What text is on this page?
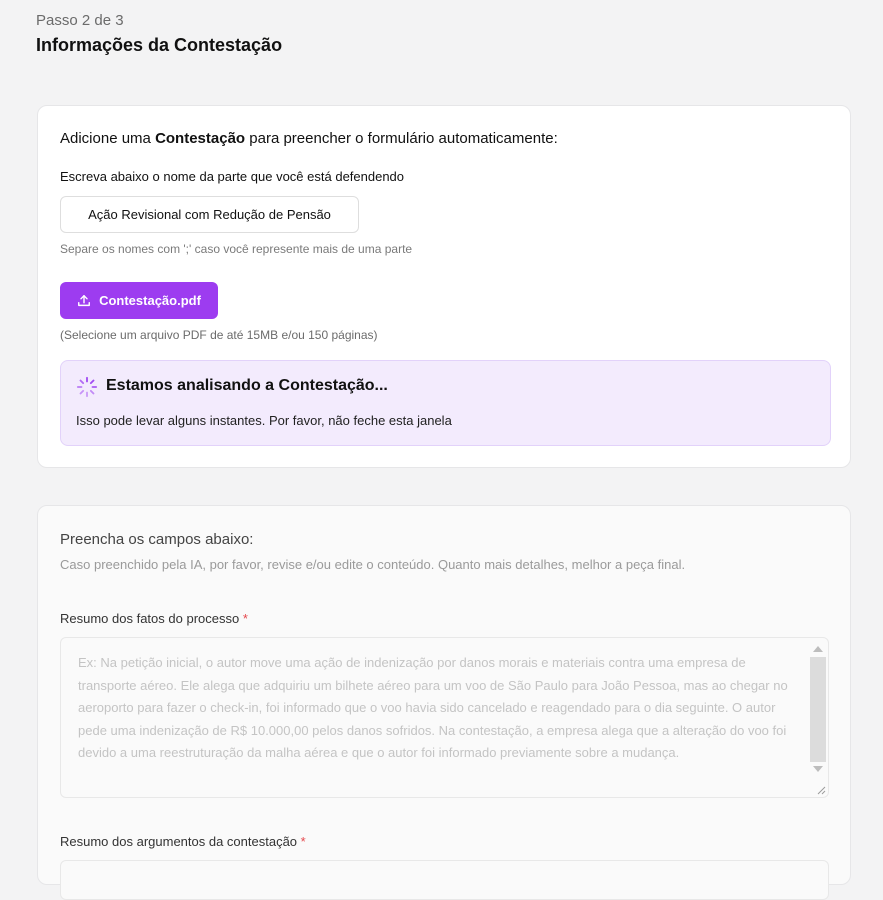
Passo 2 de 3
Informações da Contestação
Adicione uma Contestação para preencher o formulário automaticamente:
Escreva abaixo o nome da parte que você está defendendo
Ação Revisional com Redução de Pensão
Separe os nomes com ';' caso você represente mais de uma parte
Contestação.pdf
(Selecione um arquivo PDF de até 15MB e/ou 150 páginas)
Estamos analisando a Contestação...
Isso pode levar alguns instantes. Por favor, não feche esta janela
Preencha os campos abaixo:
Caso preenchido pela IA, por favor, revise e/ou edite o conteúdo. Quanto mais detalhes, melhor a peça final.
Resumo dos fatos do processo *
Ex: Na petição inicial, o autor move uma ação de indenização por danos morais e materiais contra uma empresa de transporte aéreo. Ele alega que adquiriu um bilhete aéreo para um voo de São Paulo para João Pessoa, mas ao chegar no aeroporto para fazer o check-in, foi informado que o voo havia sido cancelado e reagendado para o dia seguinte. O autor pede uma indenização de R$ 10.000,00 pelos danos sofridos. Na contestação, a empresa alega que a alteração do voo foi devido a uma reestruturação da malha aérea e que o autor foi informado previamente sobre a mudança.
Resumo dos argumentos da contestação *
